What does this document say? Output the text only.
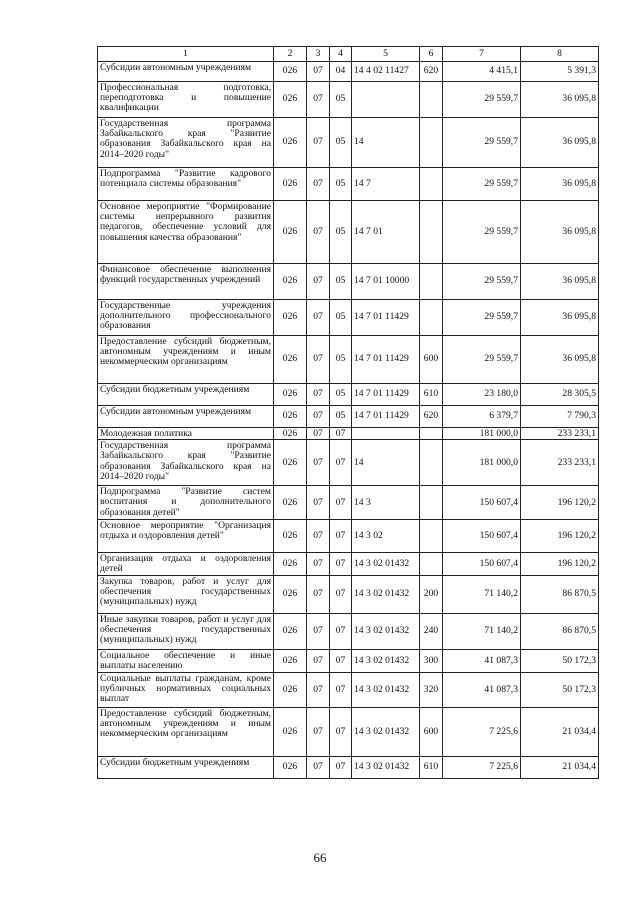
1	2	3	4	5	6	7	8
Субсидии автономным учреждениям	026	07	04	14 4 02 11427	620	4 415,1	5 391,3
Профессиональная подготовка, переподготовка и повышение квалификации	026	07	05			29 559,7	36 095,8
Государственная программа Забайкальского края "Развитие образования Забайкальского края на 2014–2020 годы"	026	07	05	14		29 559,7	36 095,8
Подпрограмма "Развитие кадрового потенциала системы образования"	026	07	05	14 7		29 559,7	36 095,8
Основное мероприятие "Формирование системы непрерывного развития педагогов, обеспечение условий для повышения качества образования"	026	07	05	14 7 01		29 559,7	36 095,8
Финансовое обеспечение выполнения функций государственных учреждений	026	07	05	14 7 01 10000		29 559,7	36 095,8
Государственные учреждения дополнительного профессионального образования	026	07	05	14 7 01 11429		29 559,7	36 095,8
Предоставление субсидий бюджетным, автономным учреждениям и иным некоммерческим организациям	026	07	05	14 7 01 11429	600	29 559,7	36 095,8
Субсидии бюджетным учреждениям	026	07	05	14 7 01 11429	610	23 180,0	28 305,5
Субсидии автономным учреждениям	026	07	05	14 7 01 11429	620	6 379,7	7 790,3
Молодежная политика	026	07	07			181 000,0	233 233,1
Государственная программа Забайкальского края "Развитие образования Забайкальского края на 2014–2020 годы"	026	07	07	14		181 000,0	233 233,1
Подпрограмма "Развитие систем воспитания и дополнительного образования детей"	026	07	07	14 3		150 607,4	196 120,2
Основное мероприятие "Организация отдыха и оздоровления детей"	026	07	07	14 3 02		150 607,4	196 120,2
Организация отдыха и оздоровления детей	026	07	07	14 3 02 01432		150 607,4	196 120,2
Закупка товаров, работ и услуг для обеспечения государственных (муниципальных) нужд	026	07	07	14 3 02 01432	200	71 140,2	86 870,5
Иные закупки товаров, работ и услуг для обеспечения государственных (муниципальных) нужд	026	07	07	14 3 02 01432	240	71 140,2	86 870,5
Социальное обеспечение и иные выплаты населению	026	07	07	14 3 02 01432	300	41 087,3	50 172,3
Социальные выплаты гражданам, кроме публичных нормативных социальных выплат	026	07	07	14 3 02 01432	320	41 087,3	50 172,3
Предоставление субсидий бюджетным, автономным учреждениям и иным некоммерческим организациям	026	07	07	14 3 02 01432	600	7 225,6	21 034,4
Субсидии бюджетным учреждениям	026	07	07	14 3 02 01432	610	7 225,6	21 034,4
66
